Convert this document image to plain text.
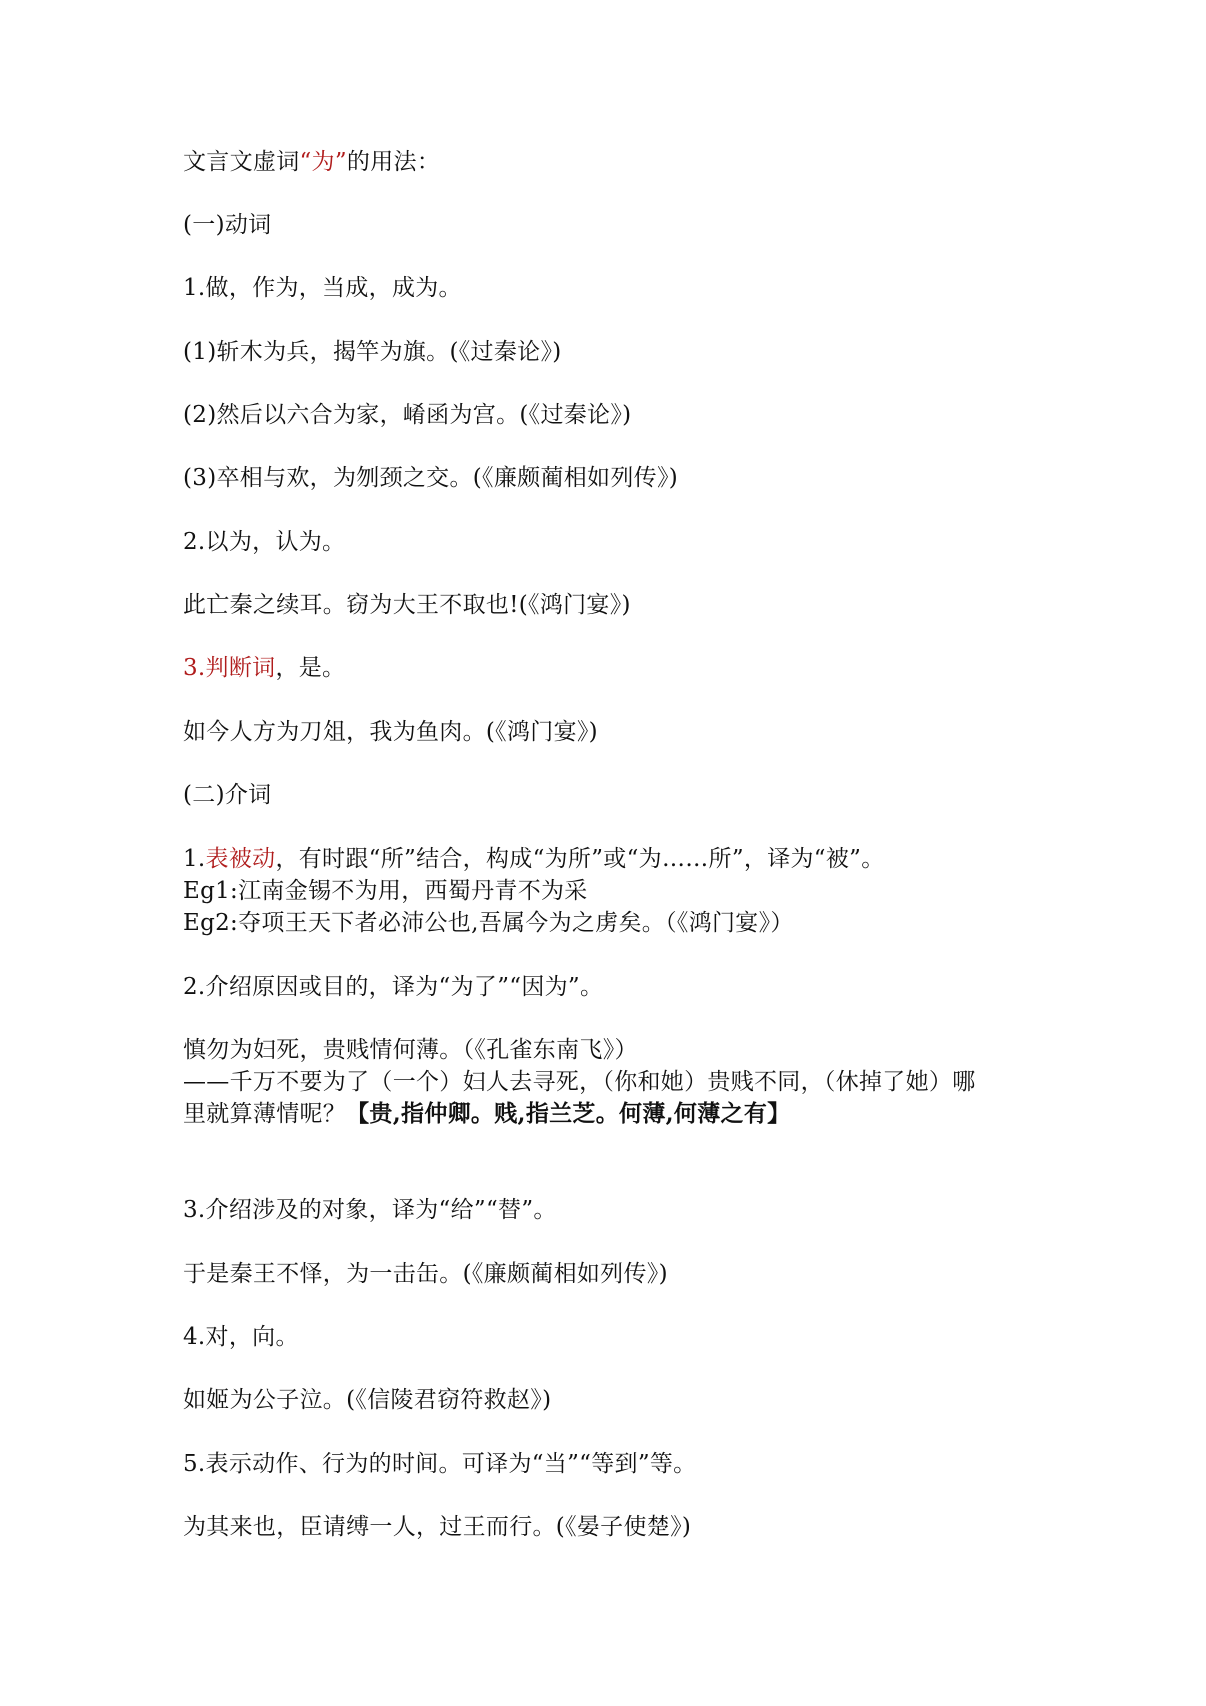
文言文虚词“为”的用法：

(一)动词

1.做，作为，当成，成为。

(1)斩木为兵，揭竿为旗。(《过秦论》)

(2)然后以六合为家，崤函为宫。(《过秦论》)

(3)卒相与欢，为刎颈之交。(《廉颇蔺相如列传》)

2.以为，认为。

此亡秦之续耳。窃为大王不取也!(《鸿门宴》)

3.判断词，是。

如今人方为刀俎，我为鱼肉。(《鸿门宴》)

(二)介词

1.表被动，有时跟“所”结合，构成“为所”或“为……所”，译为“被”。

Eg1:江南金锡不为用，西蜀丹青不为采

Eg2:夺项王天下者必沛公也,吾属今为之虏矣。（《鸿门宴》）

2.介绍原因或目的，译为“为了”“因为”。

慎勿为妇死，贵贱情何薄。（《孔雀东南飞》）

——千万不要为了（一个）妇人去寻死，（你和她）贵贱不同，（休掉了她）哪

里就算薄情呢？【贵,指仲卿。贱,指兰芝。何薄,何薄之有】

3.介绍涉及的对象，译为“给”“替”。

于是秦王不怿，为一击缶。(《廉颇蔺相如列传》)

4.对，向。

如姬为公子泣。(《信陵君窃符救赵》)

5.表示动作、行为的时间。可译为“当”“等到”等。

为其来也，臣请缚一人，过王而行。(《晏子使楚》)
